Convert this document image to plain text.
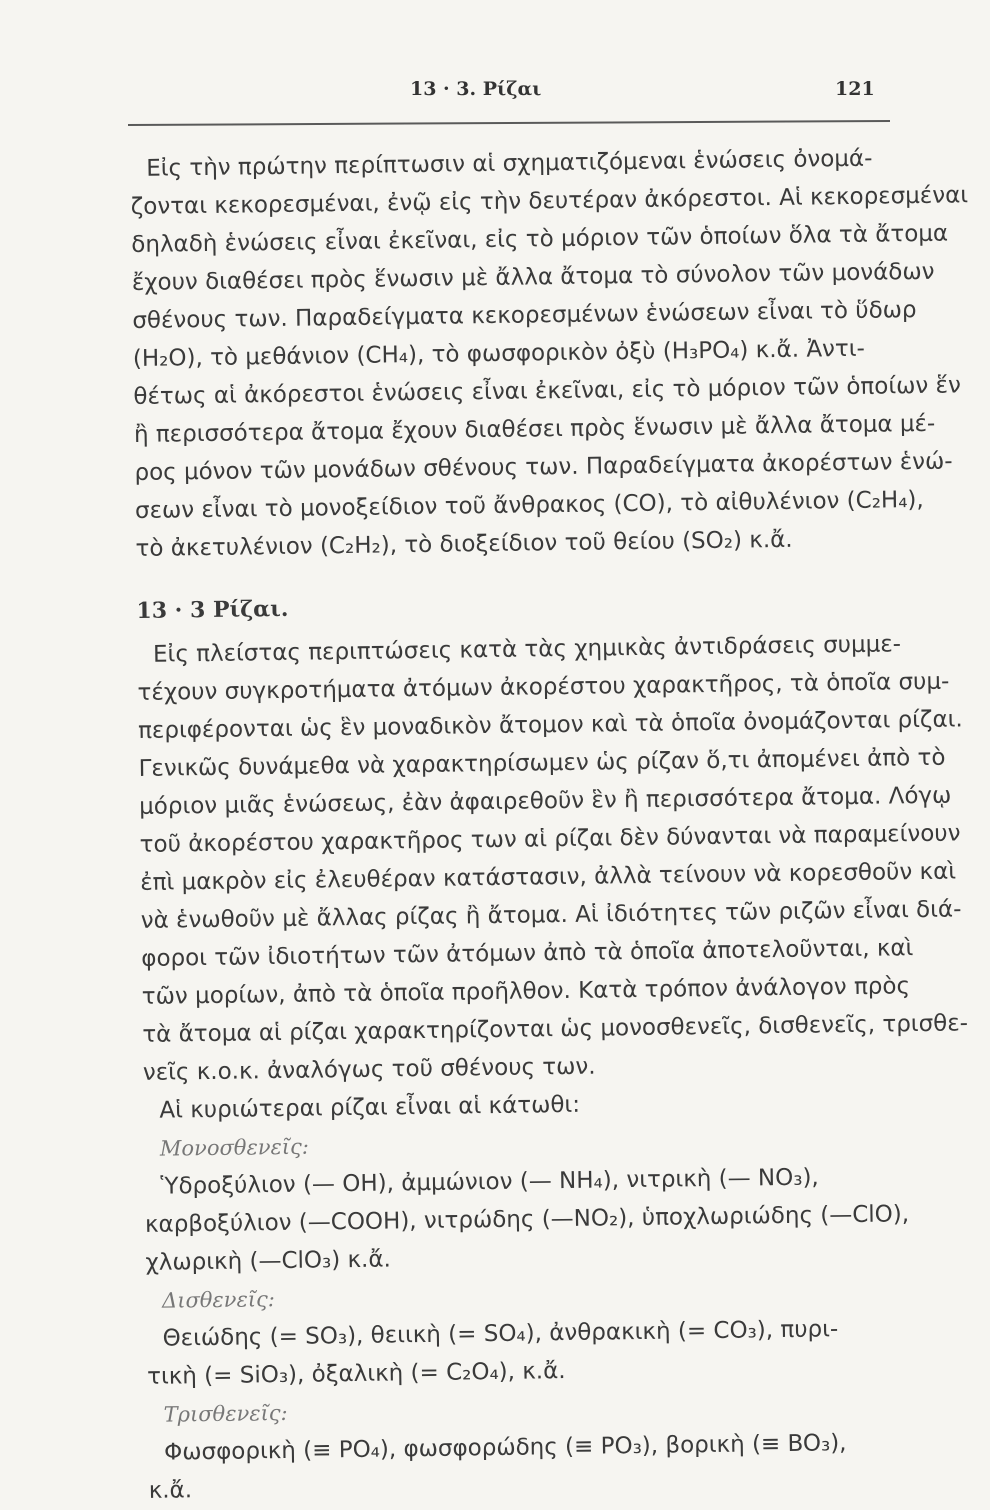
13 · 3. Ρίζαι	121
Εἰς τὴν πρώτην περίπτωσιν αἱ σχηματιζόμεναι ἑνώσεις ὀνομά-
ζονται κεκορεσμέναι, ἐνῷ εἰς τὴν δευτέραν ἀκόρεστοι. Αἱ κεκορεσμέναι
δηλαδὴ ἑνώσεις εἶναι ἐκεῖναι, εἰς τὸ μόριον τῶν ὁποίων ὅλα τὰ ἄτομα
ἔχουν διαθέσει πρὸς ἕνωσιν μὲ ἄλλα ἄτομα τὸ σύνολον τῶν μονάδων
σθένους των. Παραδείγματα κεκορεσμένων ἑνώσεων εἶναι τὸ ὕδωρ
(H₂O), τὸ μεθάνιον (CH₄), τὸ φωσφορικὸν ὀξὺ (H₃PO₄) κ.ἄ. Ἀντι-
θέτως αἱ ἀκόρεστοι ἑνώσεις εἶναι ἐκεῖναι, εἰς τὸ μόριον τῶν ὁποίων ἕν
ἢ περισσότερα ἄτομα ἔχουν διαθέσει πρὸς ἕνωσιν μὲ ἄλλα ἄτομα μέ-
ρος μόνον τῶν μονάδων σθένους των. Παραδείγματα ἀκορέστων ἑνώ-
σεων εἶναι τὸ μονοξείδιον τοῦ ἄνθρακος (CO), τὸ αἰθυλένιον (C₂H₄),
τὸ ἀκετυλένιον (C₂H₂), τὸ διοξείδιον τοῦ θείου (SO₂) κ.ἄ.
13 · 3 Ρίζαι.
Εἰς πλείστας περιπτώσεις κατὰ τὰς χημικὰς ἀντιδράσεις συμμε-
τέχουν συγκροτήματα ἀτόμων ἀκορέστου χαρακτῆρος, τὰ ὁποῖα συμ-
περιφέρονται ὡς ἓν μοναδικὸν ἄτομον καὶ τὰ ὁποῖα ὀνομάζονται ρίζαι.
Γενικῶς δυνάμεθα νὰ χαρακτηρίσωμεν ὡς ρίζαν ὅ,τι ἀπομένει ἀπὸ τὸ
μόριον μιᾶς ἑνώσεως, ἐὰν ἀφαιρεθοῦν ἓν ἢ περισσότερα ἄτομα. Λόγῳ
τοῦ ἀκορέστου χαρακτῆρος των αἱ ρίζαι δὲν δύνανται νὰ παραμείνουν
ἐπὶ μακρὸν εἰς ἐλευθέραν κατάστασιν, ἀλλὰ τείνουν νὰ κορεσθοῦν καὶ
νὰ ἑνωθοῦν μὲ ἄλλας ρίζας ἢ ἄτομα. Αἱ ἰδιότητες τῶν ριζῶν εἶναι διά-
φοροι τῶν ἰδιοτήτων τῶν ἀτόμων ἀπὸ τὰ ὁποῖα ἀποτελοῦνται, καὶ
τῶν μορίων, ἀπὸ τὰ ὁποῖα προῆλθον. Κατὰ τρόπον ἀνάλογον πρὸς
τὰ ἄτομα αἱ ρίζαι χαρακτηρίζονται ὡς μονοσθενεῖς, δισθενεῖς, τρισθε-
νεῖς κ.ο.κ. ἀναλόγως τοῦ σθένους των.
Αἱ κυριώτεραι ρίζαι εἶναι αἱ κάτωθι:
Μονοσθενεῖς:
Ὑδροξύλιον (— OH), ἀμμώνιον (— NH₄), νιτρικὴ (— NO₃),
καρβοξύλιον (—COOH), νιτρώδης (—NO₂), ὑποχλωριώδης (—ClO),
χλωρικὴ (—ClO₃) κ.ἄ.
Δισθενεῖς:
Θειώδης (= SO₃), θειικὴ (= SO₄), ἀνθρακικὴ (= CO₃), πυρι-
τικὴ (= SiO₃), ὀξαλικὴ (= C₂O₄), κ.ἄ.
Τρισθενεῖς:
Φωσφορικὴ (≡ PO₄), φωσφορώδης (≡ PO₃), βορικὴ (≡ BO₃),
κ.ἄ.
